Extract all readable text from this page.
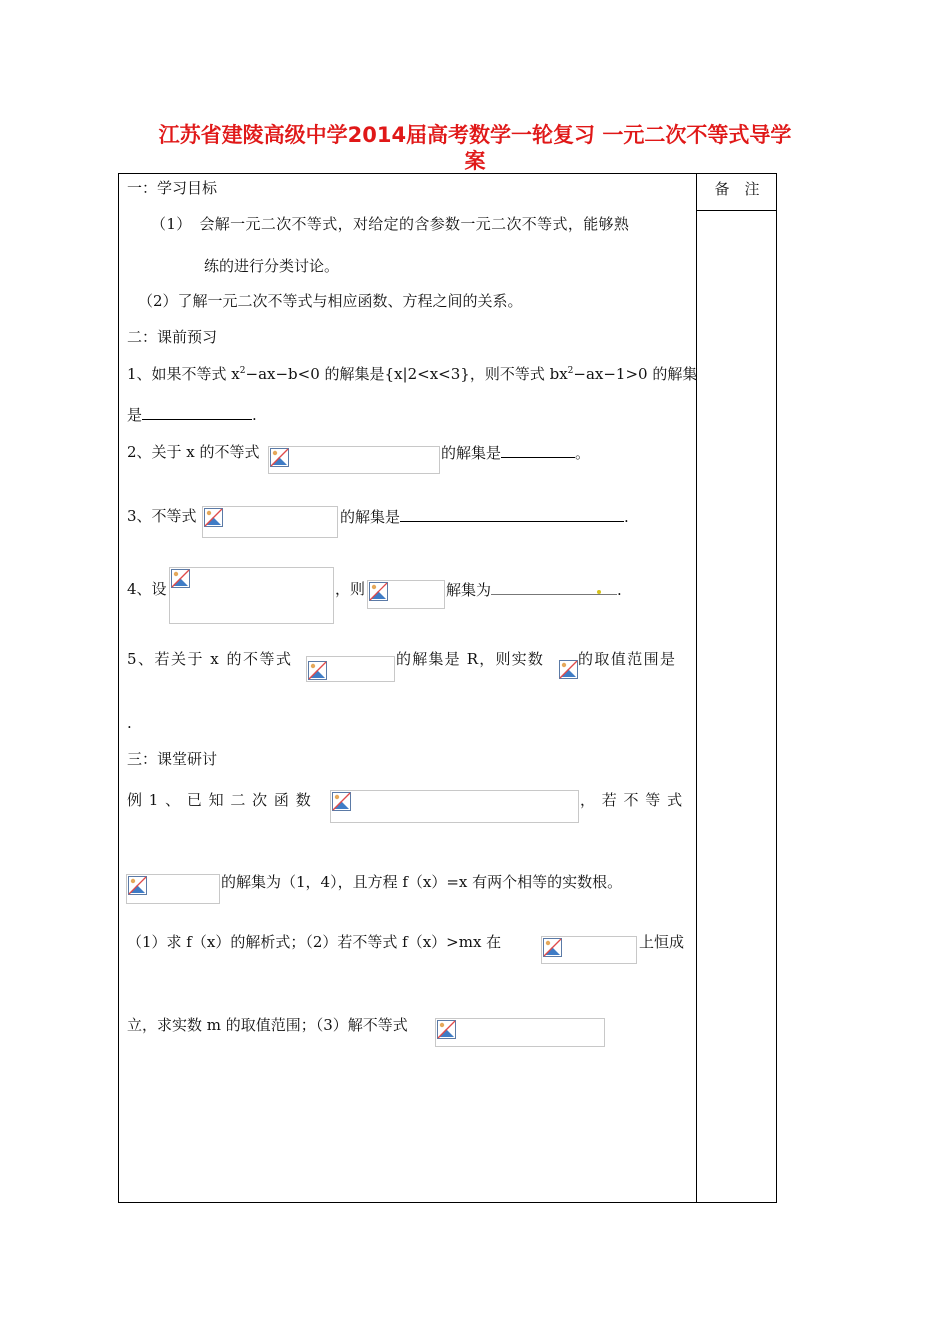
江苏省建陵高级中学2014届高考数学一轮复习 一元二次不等式导学
案
备　注
一：学习目标
（1）　会解一元二次不等式，对给定的含参数一元二次不等式，能够熟
练的进行分类讨论。
（2）了解一元二次不等式与相应函数、方程之间的关系。
二：课前预习
1、如果不等式 $x^2-ax-b<0$ 的解集是{x|2<x<3}，则不等式 $bx^2-ax-1>0$ 的解集
是	.
2、关于 x 的不等式	的解集是	。
3、不等式	的解集是	.
4、设	，则	解集为	.
5、若关于 x 的不等式	的解集是 R，则实数 的取值范围是
.
三：课堂研讨
例 1 、 已 知 二 次 函 数	， 若 不 等 式
的解集为（1，4），且方程 f（x）=x 有两个相等的实数根。
（1）求 f（x）的解析式；（2）若不等式 f（x）>mx 在	上恒成
立，求实数 m 的取值范围；（3）解不等式
